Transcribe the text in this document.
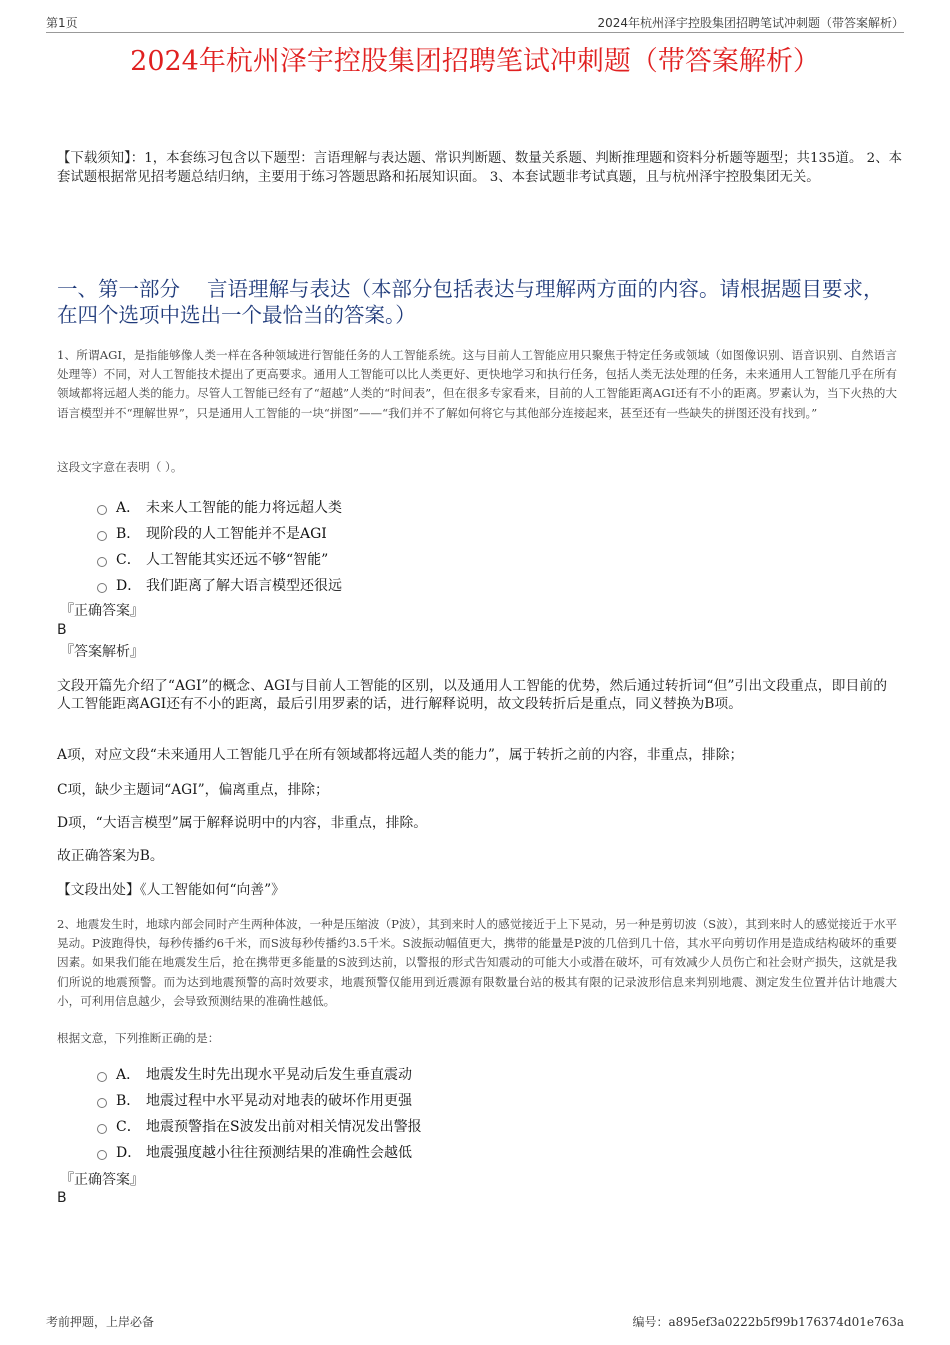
第1页	2024年杭州泽宇控股集团招聘笔试冲刺题（带答案解析）
2024年杭州泽宇控股集团招聘笔试冲刺题（带答案解析）
【下载须知】：1，本套练习包含以下题型：言语理解与表达题、常识判断题、数量关系题、判断推理题和资料分析题等题型；共135道。 2、本套试题根据常见招考题总结归纳，主要用于练习答题思路和拓展知识面。 3、本套试题非考试真题，且与杭州泽宇控股集团无关。
一、第一部分　 言语理解与表达（本部分包括表达与理解两方面的内容。请根据题目要求，在四个选项中选出一个最恰当的答案。）
1、所谓AGI，是指能够像人类一样在各种领域进行智能任务的人工智能系统。这与目前人工智能应用只聚焦于特定任务或领域（如图像识别、语音识别、自然语言处理等）不同，对人工智能技术提出了更高要求。通用人工智能可以比人类更好、更快地学习和执行任务，包括人类无法处理的任务，未来通用人工智能几乎在所有领域都将远超人类的能力。尽管人工智能已经有了“超越”人类的“时间表”，但在很多专家看来，目前的人工智能距离AGI还有不小的距离。罗素认为，当下火热的大语言模型并不“理解世界”，只是通用人工智能的一块“拼图”——“我们并不了解如何将它与其他部分连接起来，甚至还有一些缺失的拼图还没有找到。”
这段文字意在表明（ ）。
A． 未来人工智能的能力将远超人类
B． 现阶段的人工智能并不是AGI
C． 人工智能其实还远不够“智能”
D． 我们距离了解大语言模型还很远
『正确答案』
B
『答案解析』
文段开篇先介绍了“AGI”的概念、AGI与目前人工智能的区别，以及通用人工智能的优势，然后通过转折词“但”引出文段重点，即目前的人工智能距离AGI还有不小的距离，最后引用罗素的话，进行解释说明，故文段转折后是重点，同义替换为B项。
A项，对应文段“未来通用人工智能几乎在所有领域都将远超人类的能力”，属于转折之前的内容，非重点，排除；
C项，缺少主题词“AGI”，偏离重点，排除；
D项，“大语言模型”属于解释说明中的内容，非重点，排除。
故正确答案为B。
【文段出处】《人工智能如何“向善”》
2、地震发生时，地球内部会同时产生两种体波，一种是压缩波（P波），其到来时人的感觉接近于上下晃动，另一种是剪切波（S波），其到来时人的感觉接近于水平晃动。P波跑得快，每秒传播约6千米，而S波每秒传播约3.5千米。S波振动幅值更大，携带的能量是P波的几倍到几十倍，其水平向剪切作用是造成结构破坏的重要因素。如果我们能在地震发生后，抢在携带更多能量的S波到达前，以警报的形式告知震动的可能大小或潜在破坏，可有效减少人员伤亡和社会财产损失，这就是我们所说的地震预警。而为达到地震预警的高时效要求，地震预警仅能用到近震源有限数量台站的极其有限的记录波形信息来判别地震、测定发生位置并估计地震大小，可利用信息越少，会导致预测结果的准确性越低。
根据文意，下列推断正确的是：
A． 地震发生时先出现水平晃动后发生垂直震动
B． 地震过程中水平晃动对地表的破坏作用更强
C． 地震预警指在S波发出前对相关情况发出警报
D． 地震强度越小往往预测结果的准确性会越低
『正确答案』
B
考前押题，上岸必备	编号：a895ef3a0222b5f99b176374d01e763a
